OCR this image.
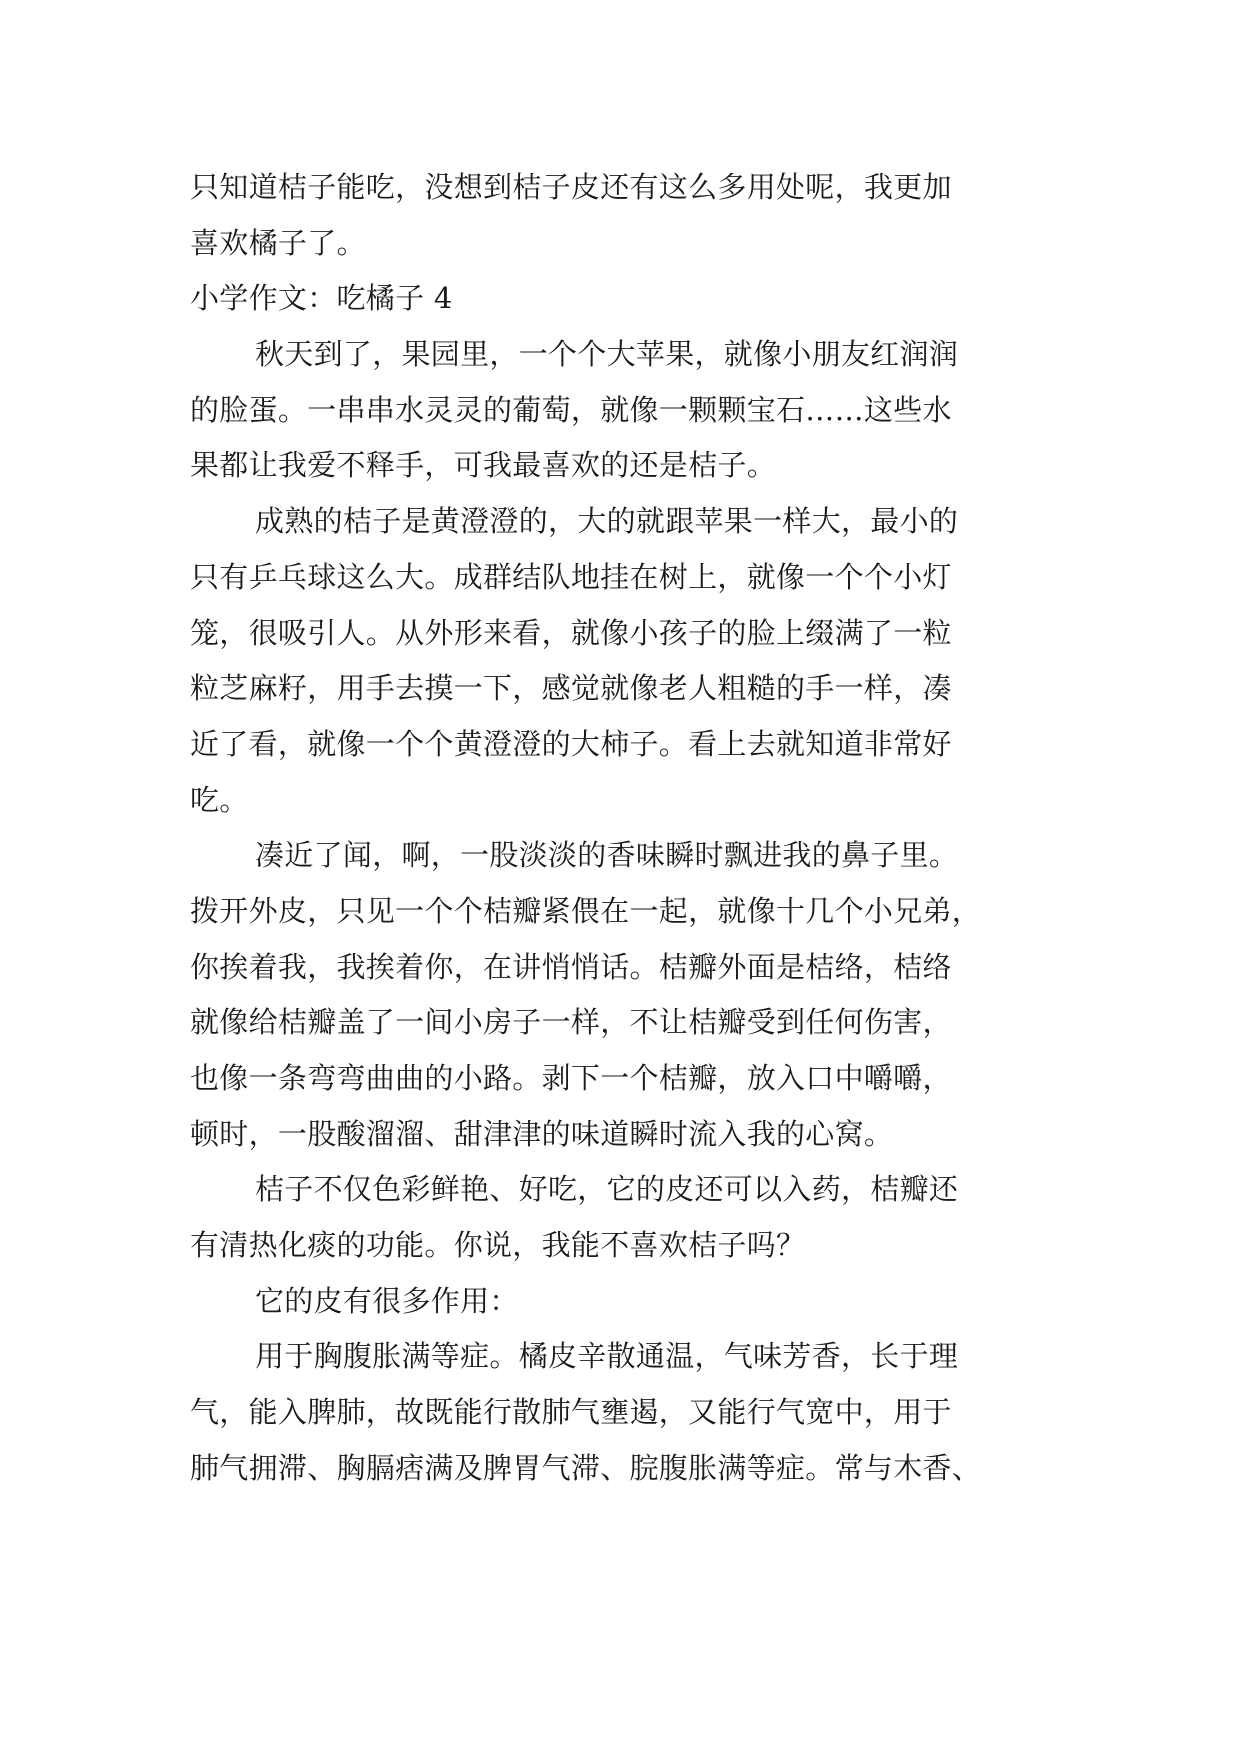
只知道桔子能吃，没想到桔子皮还有这么多用处呢，我更加
喜欢橘子了。
小学作文：吃橘子 4
秋天到了，果园里，一个个大苹果，就像小朋友红润润
的脸蛋。一串串水灵灵的葡萄，就像一颗颗宝石……这些水
果都让我爱不释手，可我最喜欢的还是桔子。
成熟的桔子是黄澄澄的，大的就跟苹果一样大，最小的
只有乒乓球这么大。成群结队地挂在树上，就像一个个小灯
笼，很吸引人。从外形来看，就像小孩子的脸上缀满了一粒
粒芝麻籽，用手去摸一下，感觉就像老人粗糙的手一样，凑
近了看，就像一个个黄澄澄的大柿子。看上去就知道非常好
吃。
凑近了闻，啊，一股淡淡的香味瞬时飘进我的鼻子里。
拨开外皮，只见一个个桔瓣紧偎在一起，就像十几个小兄弟，
你挨着我，我挨着你，在讲悄悄话。桔瓣外面是桔络，桔络
就像给桔瓣盖了一间小房子一样，不让桔瓣受到任何伤害，
也像一条弯弯曲曲的小路。剥下一个桔瓣，放入口中嚼嚼，
顿时，一股酸溜溜、甜津津的味道瞬时流入我的心窝。
桔子不仅色彩鲜艳、好吃，它的皮还可以入药，桔瓣还
有清热化痰的功能。你说，我能不喜欢桔子吗？
它的皮有很多作用：
用于胸腹胀满等症。橘皮辛散通温，气味芳香，长于理
气，能入脾肺，故既能行散肺气壅遏，又能行气宽中，用于
肺气拥滞、胸膈痞满及脾胃气滞、脘腹胀满等症。常与木香、
